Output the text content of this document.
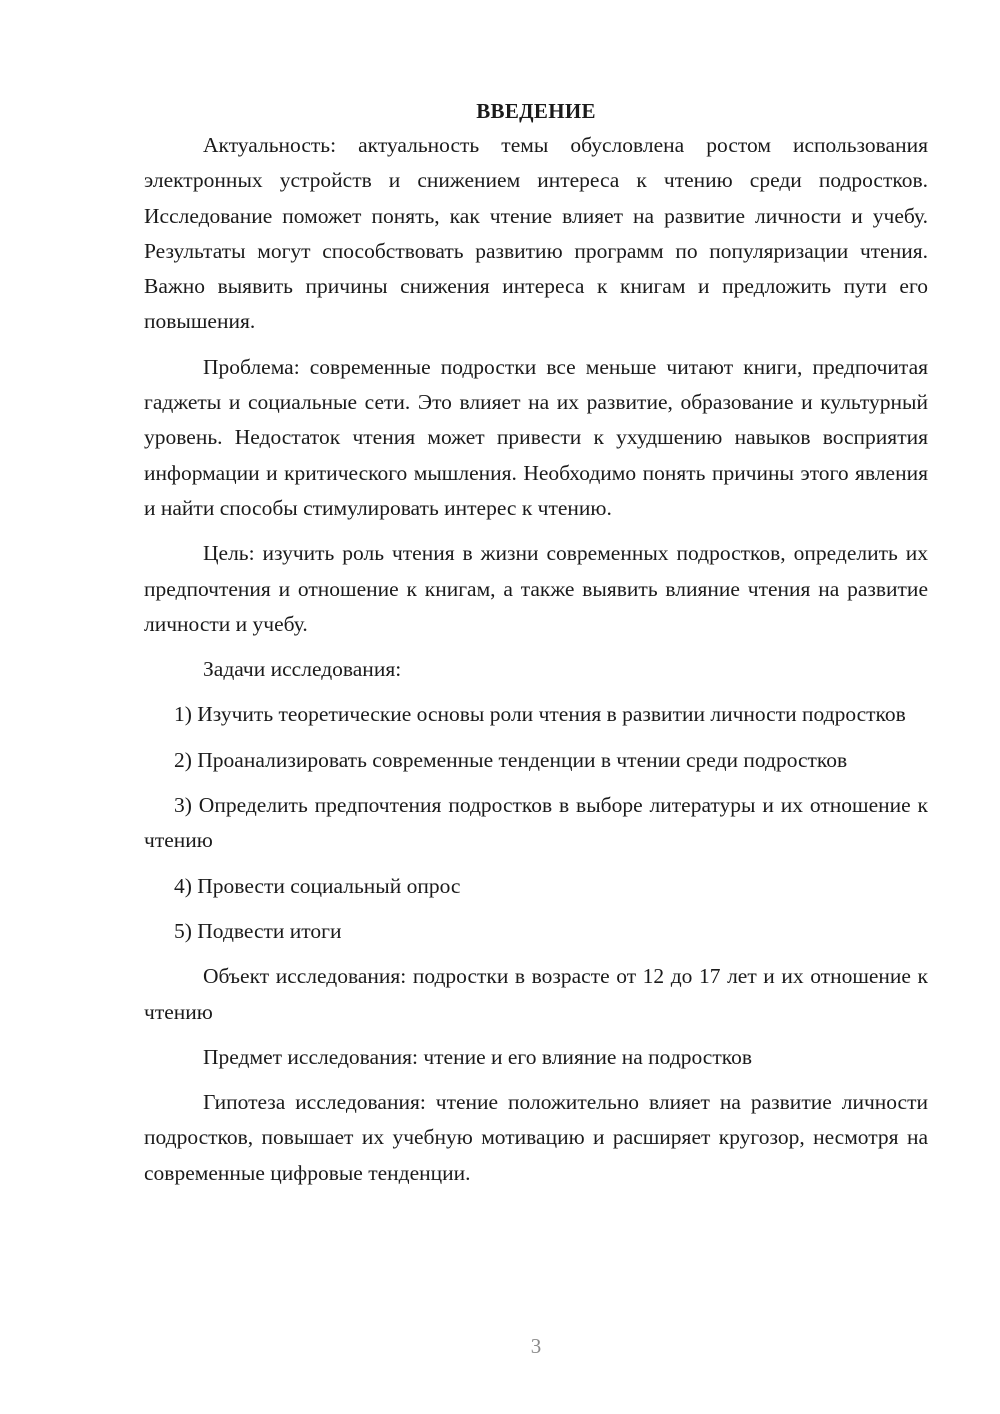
ВВЕДЕНИЕ

Актуальность: актуальность темы обусловлена ростом использования электронных устройств и снижением интереса к чтению среди подростков. Исследование поможет понять, как чтение влияет на развитие личности и учебу. Результаты могут способствовать развитию программ по популяризации чтения. Важно выявить причины снижения интереса к книгам и предложить пути его повышения.

Проблема: современные подростки все меньше читают книги, предпочитая гаджеты и социальные сети. Это влияет на их развитие, образование и культурный уровень. Недостаток чтения может привести к ухудшению навыков восприятия информации и критического мышления. Необходимо понять причины этого явления и найти способы стимулировать интерес к чтению.

Цель: изучить роль чтения в жизни современных подростков, определить их предпочтения и отношение к книгам, а также выявить влияние чтения на развитие личности и учебу.

Задачи исследования:

1) Изучить теоретические основы роли чтения в развитии личности подростков

2) Проанализировать современные тенденции в чтении среди подростков

3) Определить предпочтения подростков в выборе литературы и их отношение к чтению

4) Провести социальный опрос

5) Подвести итоги

Объект исследования: подростки в возрасте от 12 до 17 лет и их отношение к чтению

Предмет исследования: чтение и его влияние на подростков

Гипотеза исследования: чтение положительно влияет на развитие личности подростков, повышает их учебную мотивацию и расширяет кругозор, несмотря на современные цифровые тенденции.

3
